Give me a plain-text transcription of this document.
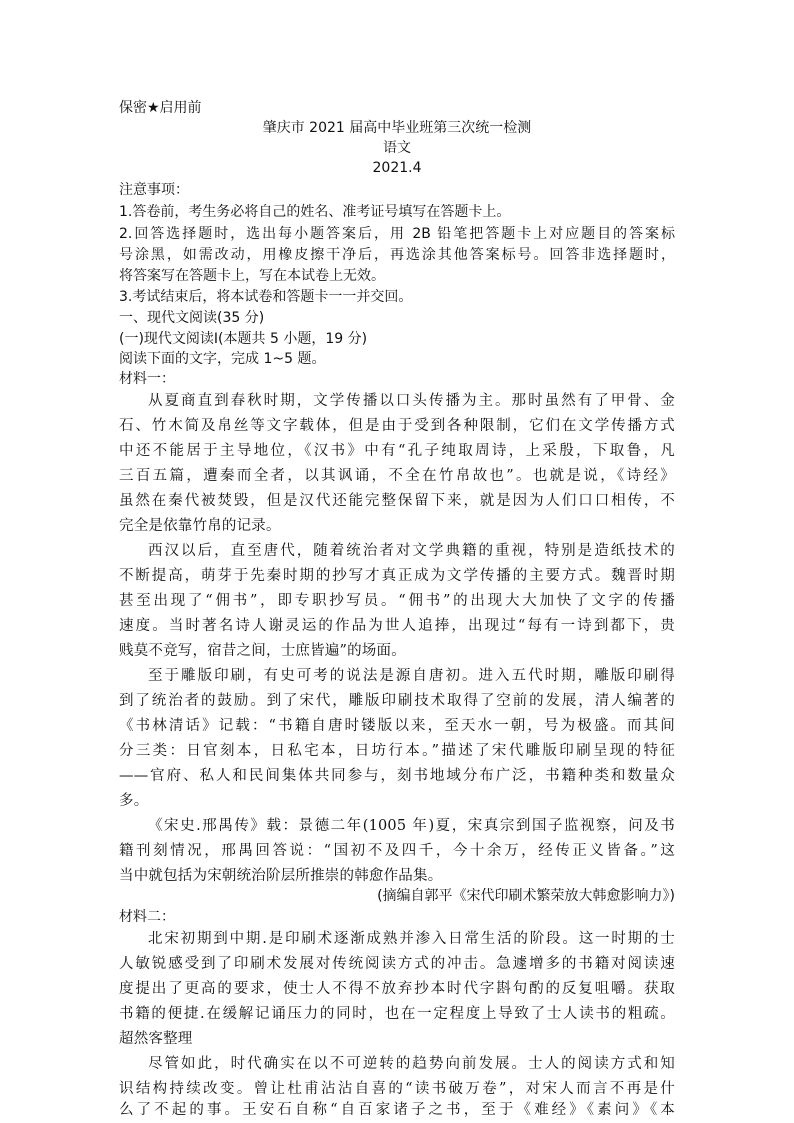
保密★启用前
肇庆市 2021 届高中毕业班第三次统一检测
语文
2021.4
注意事项：
1.答卷前，考生务必将自己的姓名、准考证号填写在答题卡上。
2.回答选择题时，选出每小题答案后，用 2B 铅笔把答题卡上对应题目的答案标
号涂黑，如需改动，用橡皮擦干净后，再选涂其他答案标号。回答非选择题时，
将答案写在答题卡上，写在本试卷上无效。
3.考试结束后，将本试卷和答题卡一一并交回。
一、现代文阅读(35 分)
(一)现代文阅读Ⅰ(本题共 5 小题，19 分)
阅读下面的文字，完成 1~5 题。
材料一：
从夏商直到春秋时期，文学传播以口头传播为主。那时虽然有了甲骨、金
石、竹木简及帛丝等文字载体，但是由于受到各种限制，它们在文学传播方式
中还不能居于主导地位，《汉书》中有“孔子纯取周诗，上采殷，下取鲁，凡
三百五篇，遭秦而全者，以其讽诵，不全在竹帛故也”。也就是说，《诗经》
虽然在秦代被焚毁，但是汉代还能完整保留下来，就是因为人们口口相传，不
完全是依靠竹帛的记录。
西汉以后，直至唐代，随着统治者对文学典籍的重视，特别是造纸技术的
不断提高，萌芽于先秦时期的抄写才真正成为文学传播的主要方式。魏晋时期
甚至出现了“佣书”，即专职抄写员。“佣书”的出现大大加快了文字的传播
速度。当时著名诗人谢灵运的作品为世人追捧，出现过“每有一诗到都下，贵
贱莫不竞写，宿昔之间，士庶皆遍”的场面。
至于雕版印刷，有史可考的说法是源自唐初。进入五代时期，雕版印刷得
到了统治者的鼓励。到了宋代，雕版印刷技术取得了空前的发展，清人编著的
《书林清话》记载：“书籍自唐时镂版以来，至天水一朝，号为极盛。而其间
分三类：日官刻本，日私宅本，日坊行本。”描述了宋代雕版印刷呈现的特征
——官府、私人和民间集体共同参与，刻书地域分布广泛，书籍种类和数量众
多。
《宋史.邢禺传》载：景德二年(1005 年)夏，宋真宗到国子监视察，问及书
籍刊刻情况，邢禺回答说：“国初不及四千，今十余万，经传正义皆备。”这
当中就包括为宋朝统治阶层所推崇的韩愈作品集。
(摘编自郭平《宋代印刷术繁荣放大韩愈影响力》)
材料二：
北宋初期到中期.是印刷术逐渐成熟并渗入日常生活的阶段。这一时期的士
人敏锐感受到了印刷术发展对传统阅读方式的冲击。急遽增多的书籍对阅读速
度提出了更高的要求，使士人不得不放弃抄本时代字斟句酌的反复咀嚼。获取
书籍的便捷.在缓解记诵压力的同时，也在一定程度上导致了士人读书的粗疏。
超然客整理
尽管如此，时代确实在以不可逆转的趋势向前发展。士人的阅读方式和知
识结构持续改变。曾让杜甫沾沾自喜的“读书破万卷”，对宋人而言不再是什
么了不起的事。王安石自称“自百家诸子之书，至于《难经》《素问》《本
